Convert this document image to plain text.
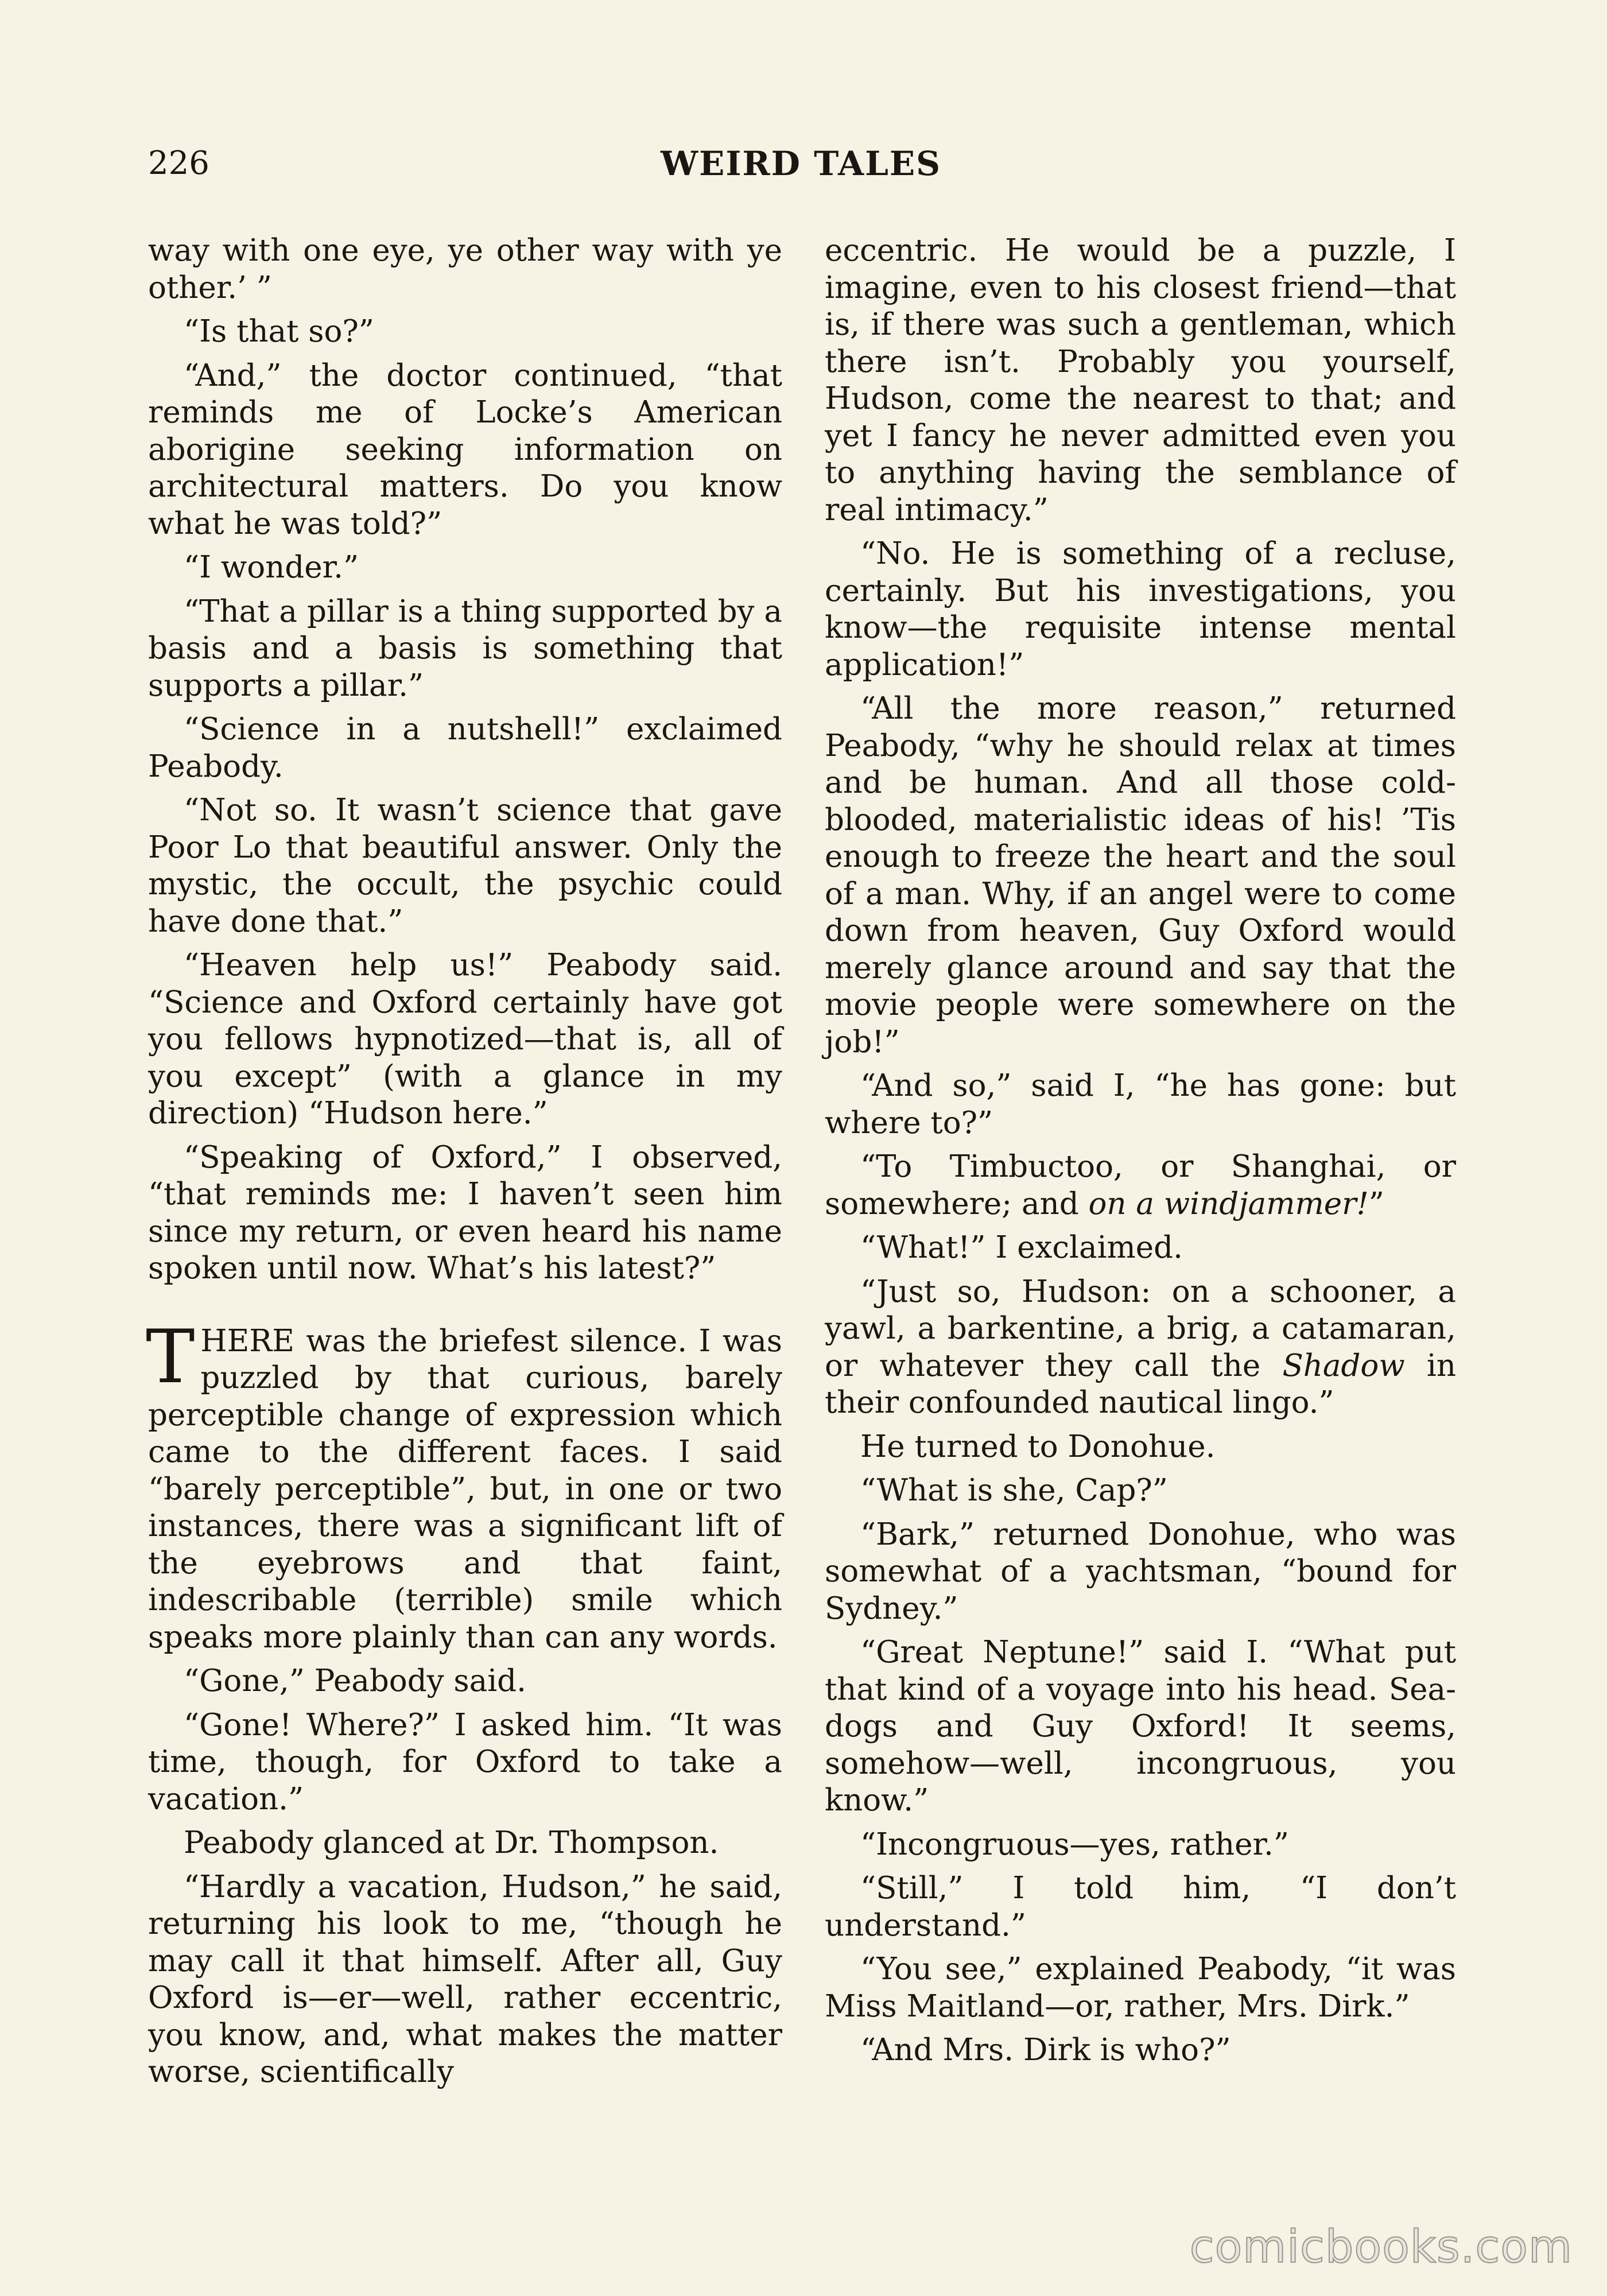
226	WEIRD TALES

way with one eye, ye other way with ye other.’ ”

“Is that so?”

“And,” the doctor continued, “that reminds me of Locke’s American aborigine seeking information on architectural matters. Do you know what he was told?”

“I wonder.”

“That a pillar is a thing supported by a basis and a basis is something that supports a pillar.”

“Science in a nutshell!” exclaimed Peabody.

“Not so. It wasn’t science that gave Poor Lo that beautiful answer. Only the mystic, the occult, the psychic could have done that.”

“Heaven help us!” Peabody said. “Science and Oxford certainly have got you fellows hypnotized—that is, all of you except” (with a glance in my direction) “Hudson here.”

“Speaking of Oxford,” I observed, “that reminds me: I haven’t seen him since my return, or even heard his name spoken until now. What’s his latest?”

THERE was the briefest silence. I was puzzled by that curious, barely perceptible change of expression which came to the different faces. I said “barely perceptible”, but, in one or two instances, there was a significant lift of the eyebrows and that faint, indescribable (terrible) smile which speaks more plainly than can any words.

“Gone,” Peabody said.

“Gone! Where?” I asked him. “It was time, though, for Oxford to take a vacation.”

Peabody glanced at Dr. Thompson.

“Hardly a vacation, Hudson,” he said, returning his look to me, “though he may call it that himself. After all, Guy Oxford is—er—well, rather eccentric, you know, and, what makes the matter worse, scientifically

eccentric. He would be a puzzle, I imagine, even to his closest friend—that is, if there was such a gentleman, which there isn’t. Probably you yourself, Hudson, come the nearest to that; and yet I fancy he never admitted even you to anything having the semblance of real intimacy.”

“No. He is something of a recluse, certainly. But his investigations, you know—the requisite intense mental application!”

“All the more reason,” returned Peabody, “why he should relax at times and be human. And all those cold-blooded, materialistic ideas of his! ’Tis enough to freeze the heart and the soul of a man. Why, if an angel were to come down from heaven, Guy Oxford would merely glance around and say that the movie people were somewhere on the job!”

“And so,” said I, “he has gone: but where to?”

“To Timbuctoo, or Shanghai, or somewhere; and on a windjammer!”

“What!” I exclaimed.

“Just so, Hudson: on a schooner, a yawl, a barkentine, a brig, a catamaran, or whatever they call the Shadow in their confounded nautical lingo.”

He turned to Donohue.

“What is she, Cap?”

“Bark,” returned Donohue, who was somewhat of a yachtsman, “bound for Sydney.”

“Great Neptune!” said I. “What put that kind of a voyage into his head. Sea-dogs and Guy Oxford! It seems, somehow—well, incongruous, you know.”

“Incongruous—yes, rather.”

“Still,” I told him, “I don’t understand.”

“You see,” explained Peabody, “it was Miss Maitland—or, rather, Mrs. Dirk.”

“And Mrs. Dirk is who?”

comicbooks.com
